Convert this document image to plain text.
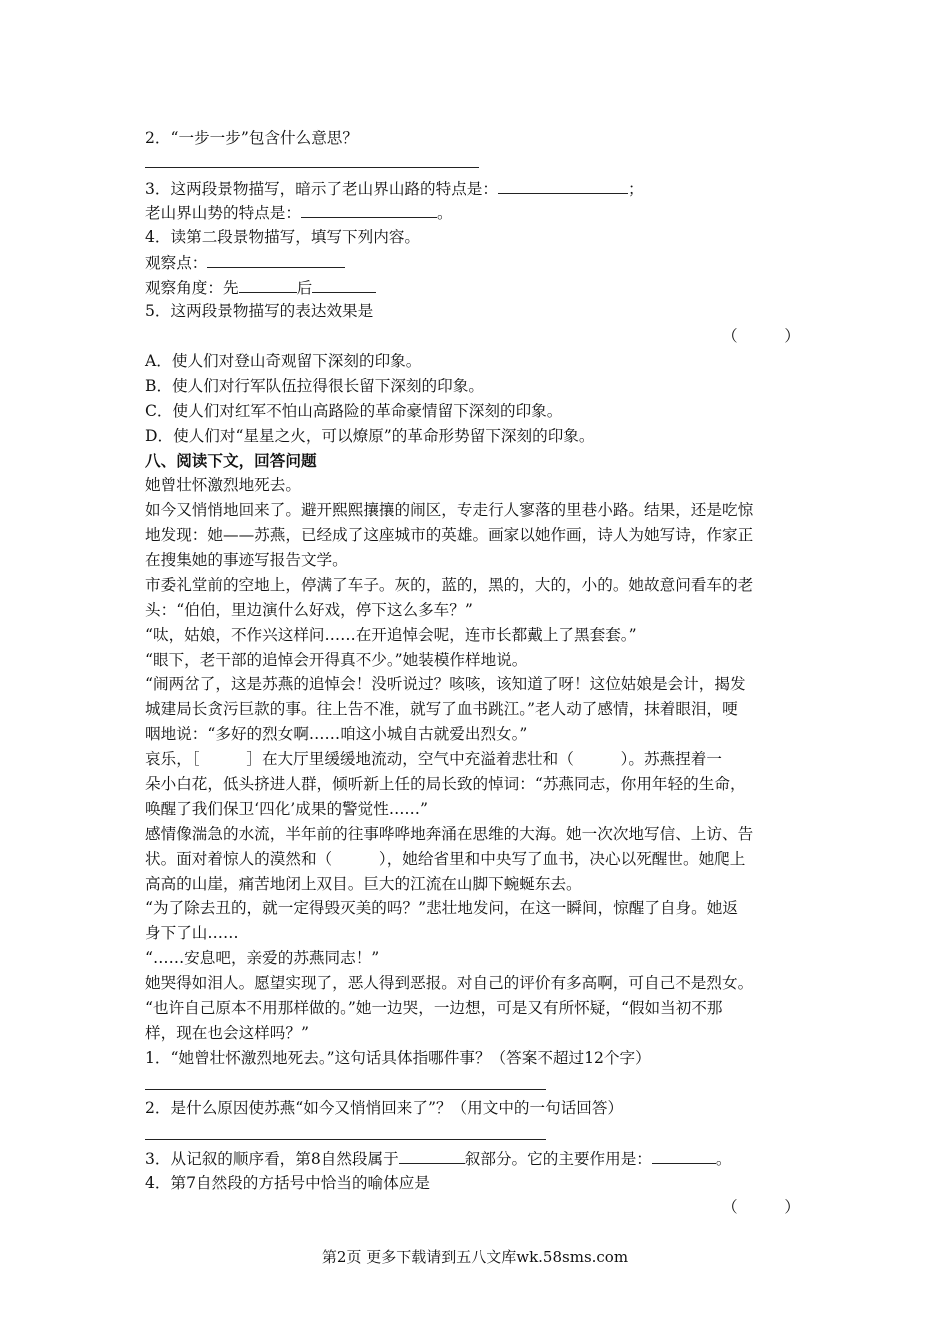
2．“一步一步”包含什么意思？
3．这两段景物描写，暗示了老山界山路的特点是：	；
老山界山势的特点是：	。
4．读第二段景物描写，填写下列内容。
观察点：
观察角度：先	后
5．这两段景物描写的表达效果是
（　　　）
A．使人们对登山奇观留下深刻的印象。
B．使人们对行军队伍拉得很长留下深刻的印象。
C．使人们对红军不怕山高路险的革命豪情留下深刻的印象。
D．使人们对“星星之火，可以燎原”的革命形势留下深刻的印象。
八、阅读下文，回答问题
她曾壮怀激烈地死去。
如今又悄悄地回来了。避开熙熙攘攘的闹区，专走行人寥落的里巷小路。结果，还是吃惊
地发现：她——苏燕，已经成了这座城市的英雄。画家以她作画，诗人为她写诗，作家正
在搜集她的事迹写报告文学。
市委礼堂前的空地上，停满了车子。灰的，蓝的，黑的，大的，小的。她故意问看车的老
头：“伯伯，里边演什么好戏，停下这么多车？”
“呔，姑娘，不作兴这样问……在开追悼会呢，连市长都戴上了黑套套。”
“眼下，老干部的追悼会开得真不少。”她装模作样地说。
“闹两岔了，这是苏燕的追悼会！没听说过？咳咳，该知道了呀！这位姑娘是会计，揭发
城建局长贪污巨款的事。往上告不准，就写了血书跳江。”老人动了感情，抹着眼泪，哽
咽地说：“多好的烈女啊……咱这小城自古就爱出烈女。”
哀乐，［　　　］在大厅里缓缓地流动，空气中充溢着悲壮和（　　　）。苏燕捏着一
朵小白花，低头挤进人群，倾听新上任的局长致的悼词：“苏燕同志，你用年轻的生命，
唤醒了我们保卫‘四化’成果的警觉性……”
感情像湍急的水流，半年前的往事哗哗地奔涌在思维的大海。她一次次地写信、上访、告
状。面对着惊人的漠然和（　　　），她给省里和中央写了血书，决心以死醒世。她爬上
高高的山崖，痛苦地闭上双目。巨大的江流在山脚下蜿蜒东去。
“为了除去丑的，就一定得毁灭美的吗？”悲壮地发问，在这一瞬间，惊醒了自身。她返
身下了山……
“……安息吧，亲爱的苏燕同志！”
她哭得如泪人。愿望实现了，恶人得到恶报。对自己的评价有多高啊，可自己不是烈女。
“也许自己原本不用那样做的。”她一边哭，一边想，可是又有所怀疑，“假如当初不那
样，现在也会这样吗？”
1．“她曾壮怀激烈地死去。”这句话具体指哪件事？（答案不超过12个字）
2．是什么原因使苏燕“如今又悄悄回来了”？（用文中的一句话回答）
3．从记叙的顺序看，第8自然段属于	叙部分。它的主要作用是：	。
4．第7自然段的方括号中恰当的喻体应是
（　　　）
第2页 更多下载请到五八文库wk.58sms.com
